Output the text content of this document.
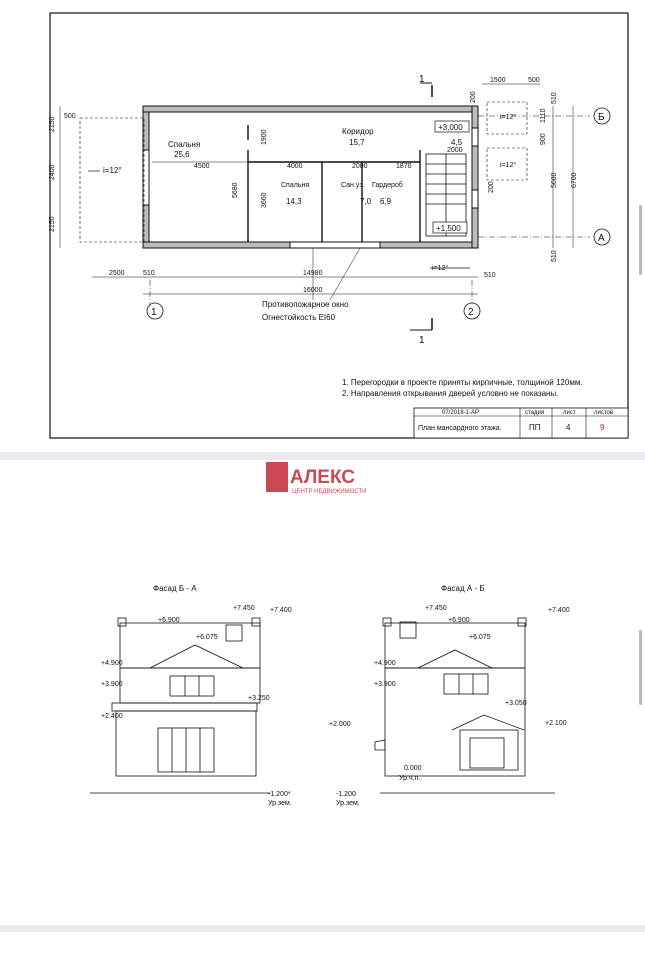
+3,000
+1,500
Спальня
25,6
Коридор
15,7
Спальня
14,3
Сан.уз.
7,0
Гардероб
6,9
4,5
i=12°
i=12°
i=12°
i=12°
1	2
Б
А
1
1
1500	500
500
2150
2400
2150
4500	4000	2000	1870
1900
3660
5680
900
1110
2000
510
5680 6700
510
200
200
2500	510	14980	510
16000
Противопожарное окно
Огнестойкость EI60
1. Перегородки в проекте приняты кирпичные, толщиной 120мм.
2. Направления открывания дверей условно не показаны.
07/2018-1-АР	стадия	лист	листов
План мансардного этажа.	ПП	4	9
АЛЕКС
ЦЕНТР НЕДВИЖИМОСТИ
Фасад Б - А
+7.450 +7.400
+6.900
+6.075
+4.900
+3.900
+3.250
+2.400
-1.200*
Ур.зем.
Фасад А - Б
+7.450
+6.900
+7.400
+6.075
+4.900
+3.900
+3.050
+2.000	+2.100
0.000
Ур.ч.п.
-1.200
Ур.зем.
